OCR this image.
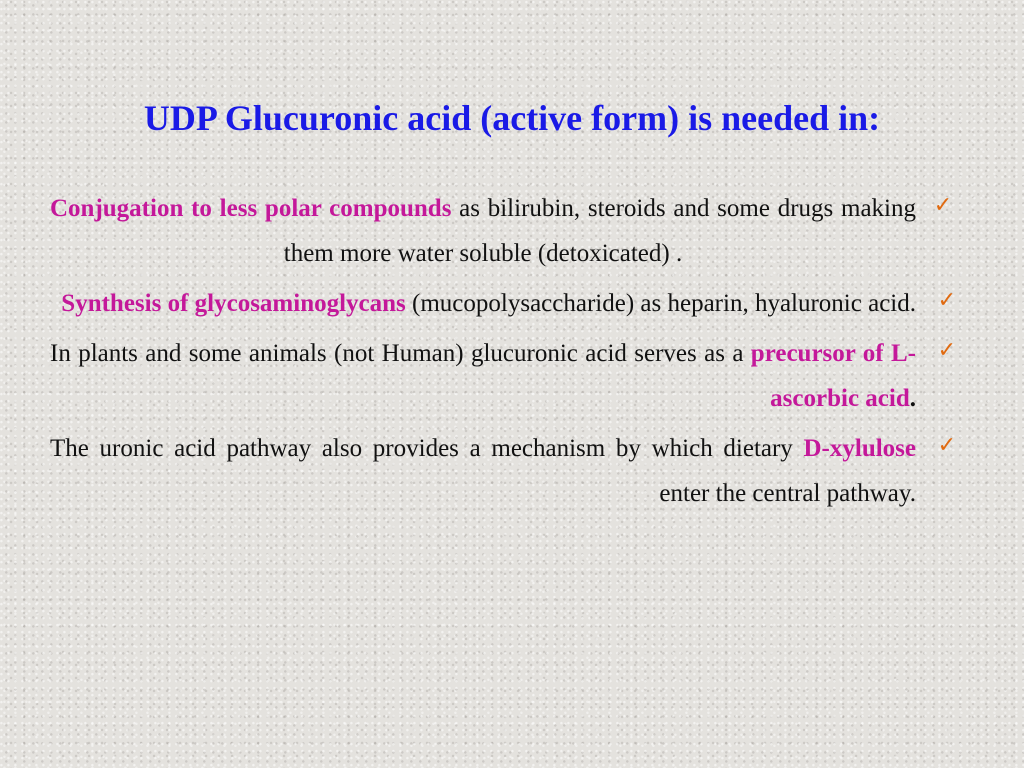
UDP Glucuronic acid (active form) is needed in:
✓
Conjugation to less polar compounds as bilirubin, steroids and some drugs making them more water soluble (detoxicated) .
✓
Synthesis of glycosaminoglycans (mucopolysaccharide) as heparin, hyaluronic acid.
✓
In plants and some animals (not Human) glucuronic acid serves as a precursor of L-ascorbic acid.
✓
The uronic acid pathway also provides a mechanism by which dietary D-xylulose enter the central pathway.
